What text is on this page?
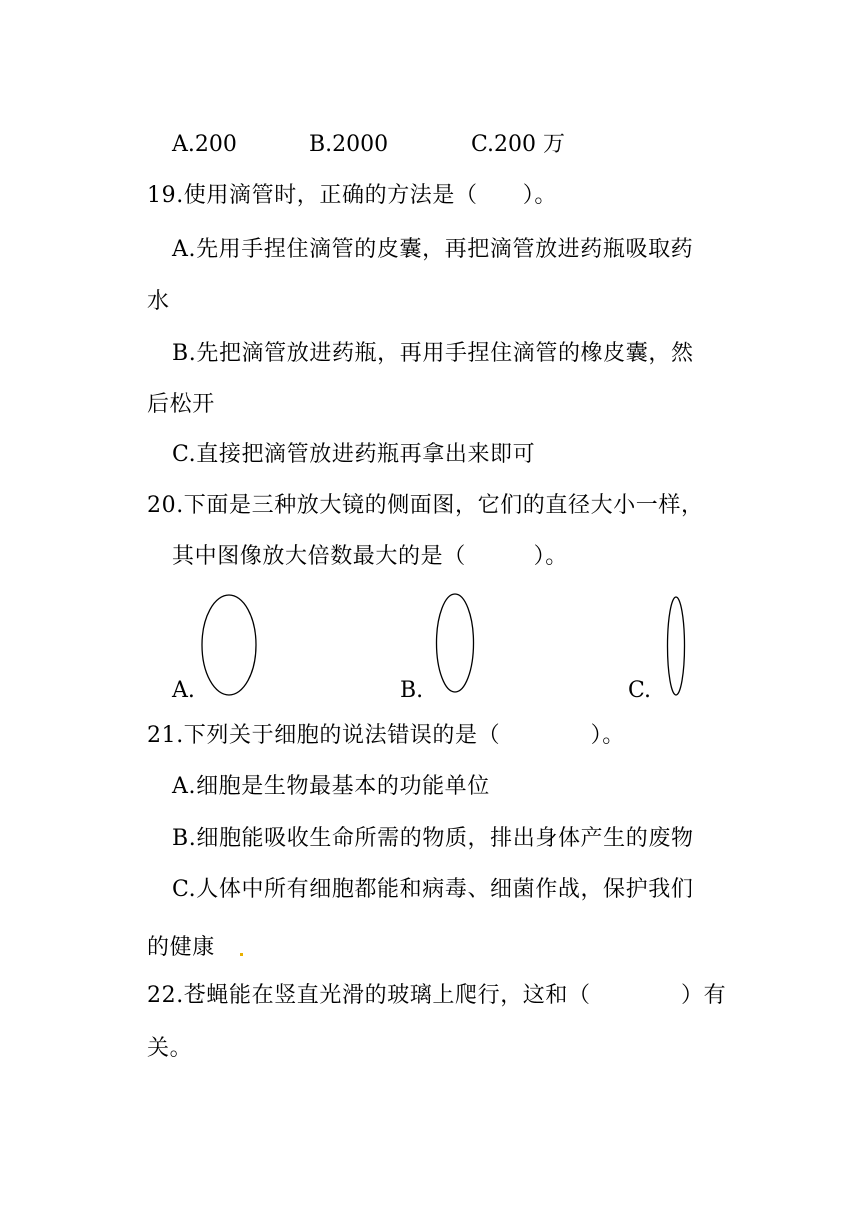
A.200	B.2000	C.200 万
19.使用滴管时，正确的方法是（　　）。
A.先用手捏住滴管的皮囊，再把滴管放进药瓶吸取药
水
B.先把滴管放进药瓶，再用手捏住滴管的橡皮囊，然
后松开
C.直接把滴管放进药瓶再拿出来即可
20.下面是三种放大镜的侧面图，它们的直径大小一样，
其中图像放大倍数最大的是（　　　）。
A.	B.	C.
21.下列关于细胞的说法错误的是（　　　　）。
A.细胞是生物最基本的功能单位
B.细胞能吸收生命所需的物质，排出身体产生的废物
C.人体中所有细胞都能和病毒、细菌作战，保护我们
的健康
22.苍蝇能在竖直光滑的玻璃上爬行，这和（　　　　）有
关。
